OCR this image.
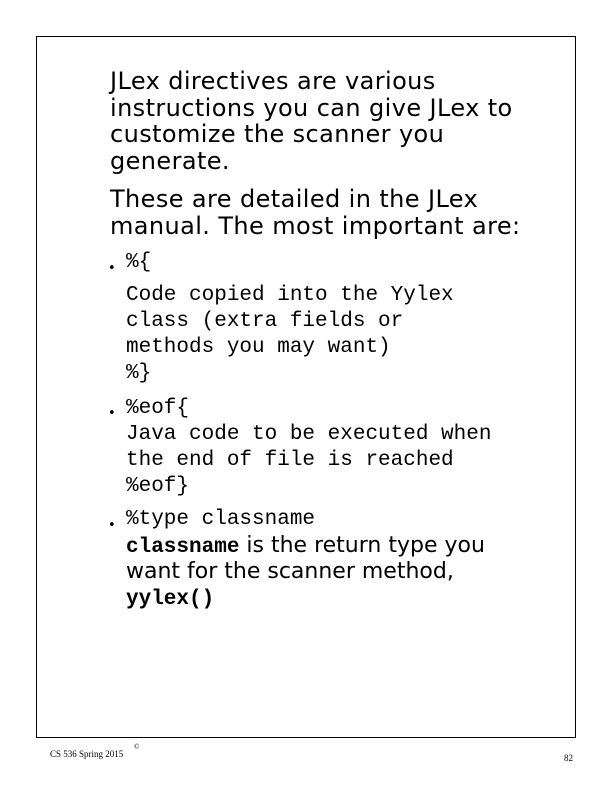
JLex directives are various
instructions you can give JLex to
customize the scanner you
generate.
These are detailed in the JLex
manual. The most important are:
• %{
Code copied into the Yylex
class (extra fields or
methods you may want)
%}
• %eof{
Java code to be executed when
the end of file is reached
%eof}
• %type classname
classname is the return type you
want for the scanner method,
yylex()
CS 536 Spring 2015
©
82
